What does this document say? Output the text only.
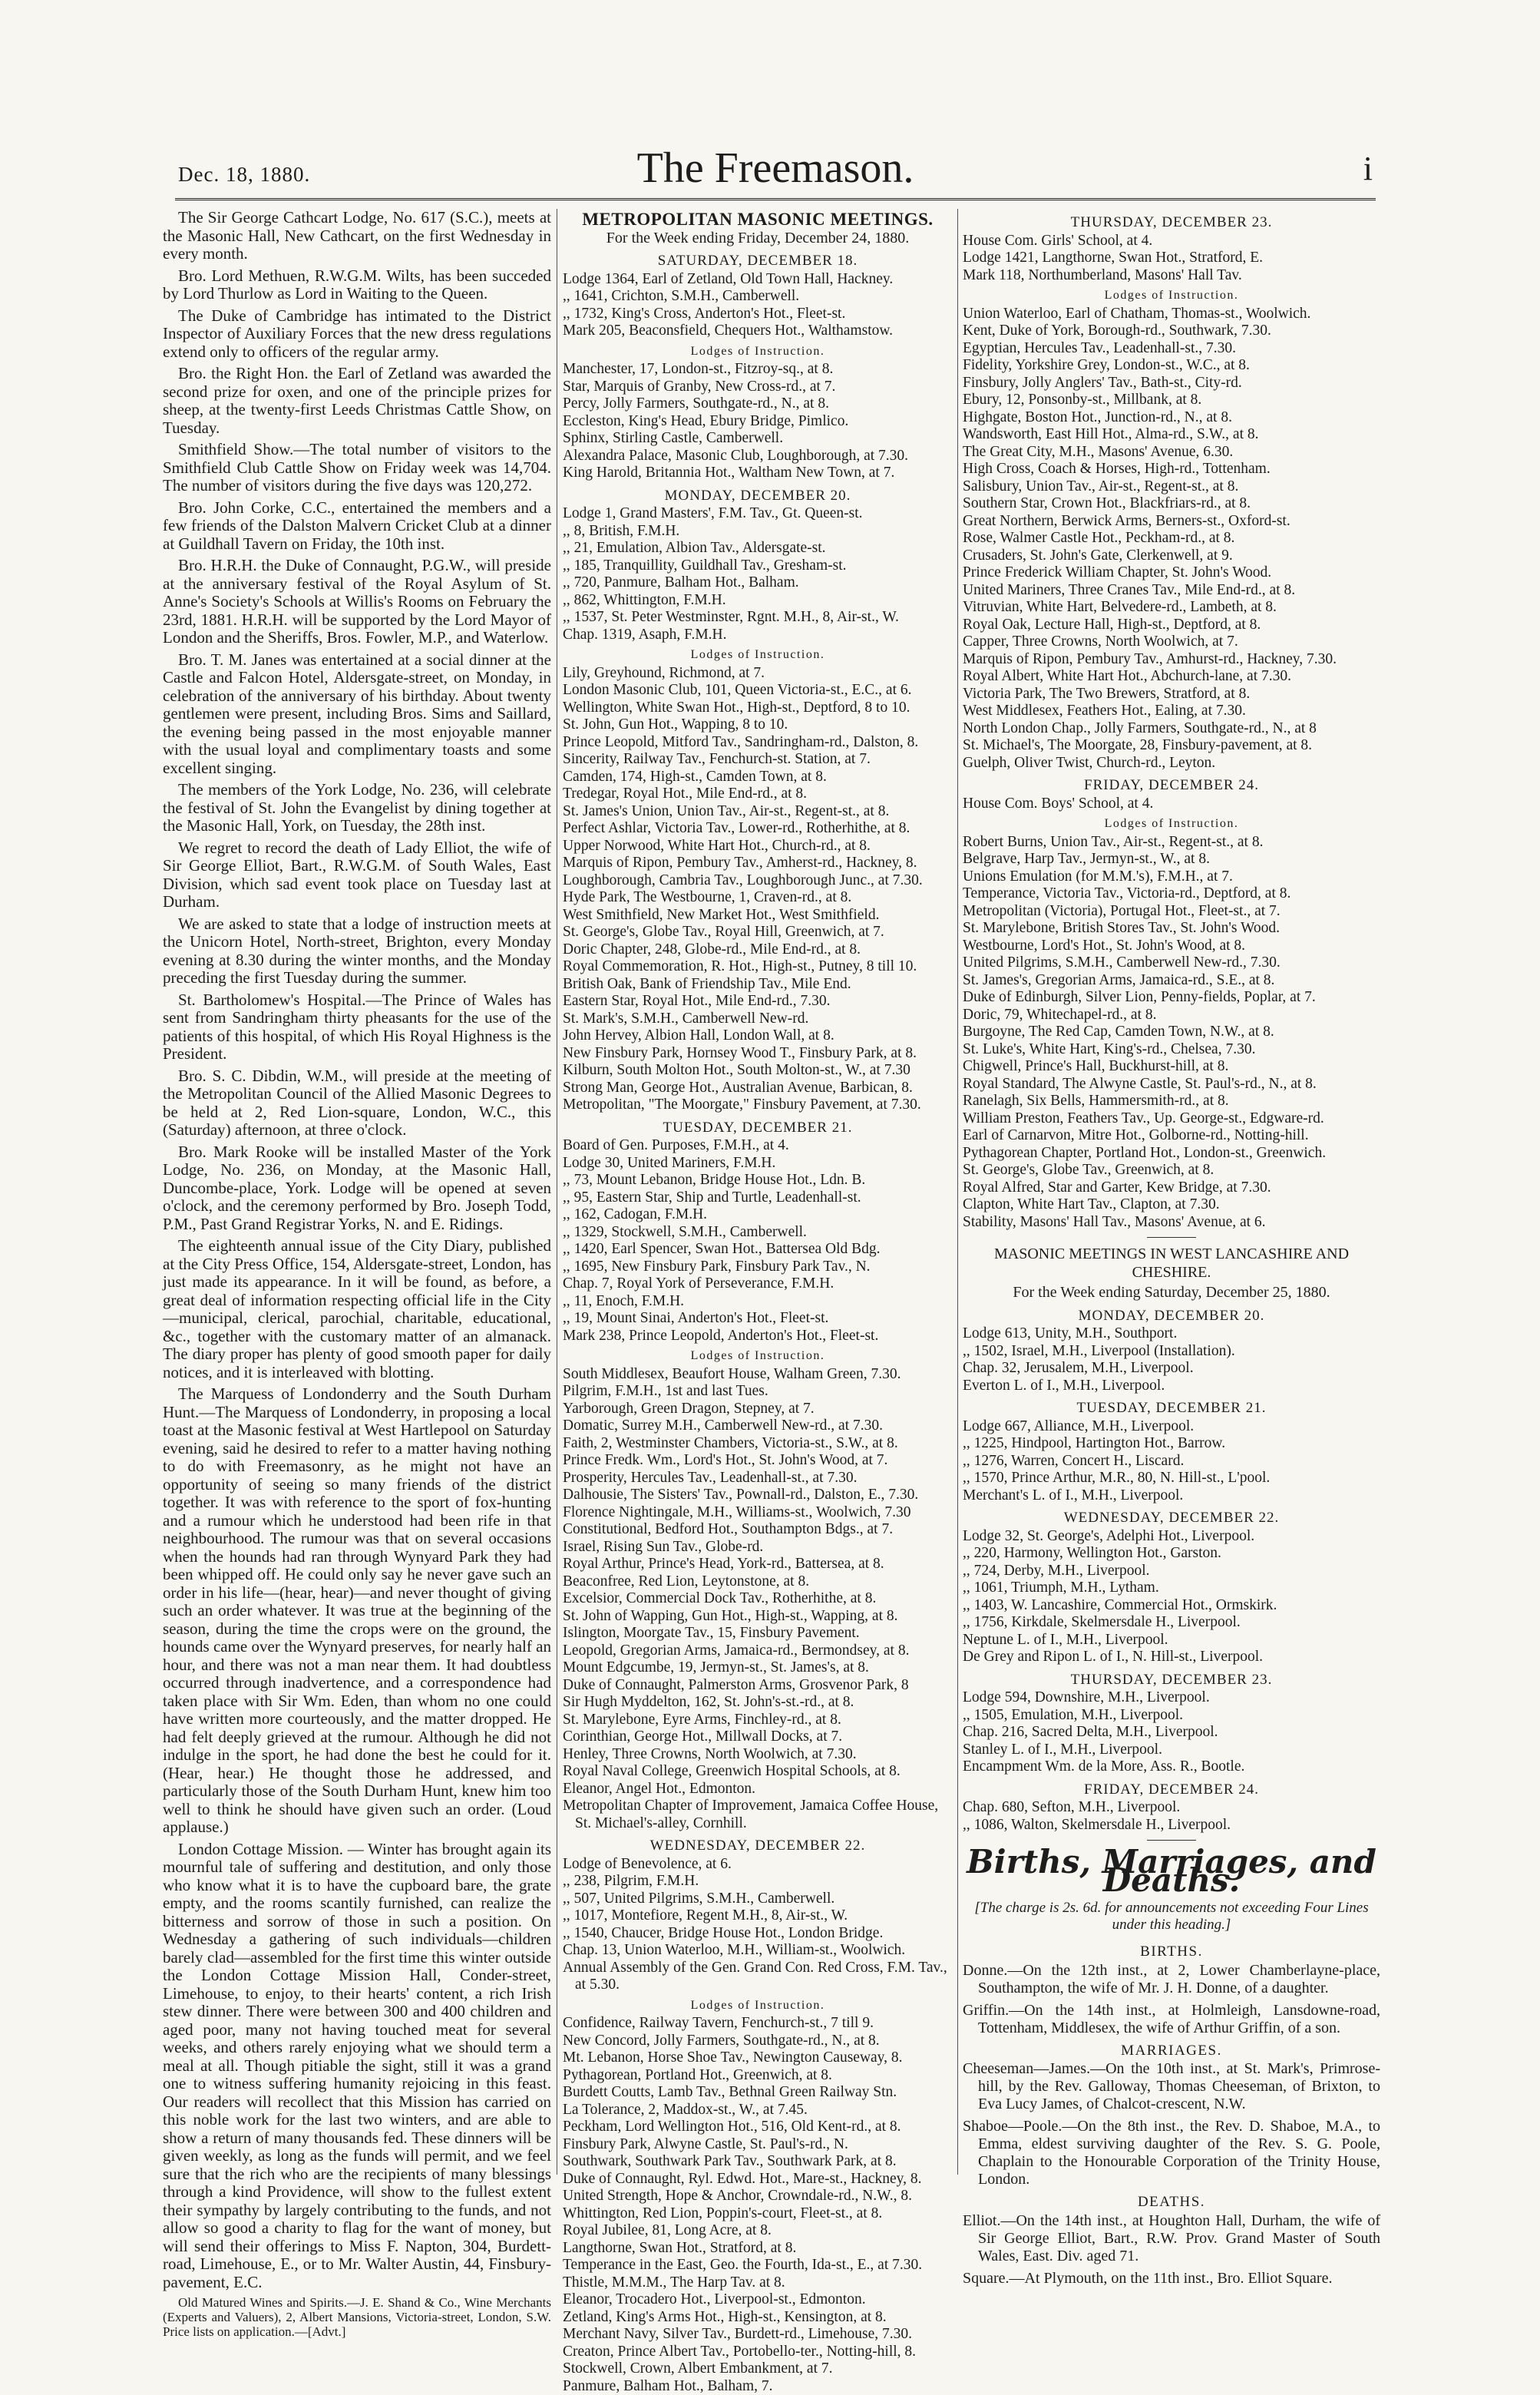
Dec. 18, 1880.	The Freemason.	i

The Sir George Cathcart Lodge, No. 617 (S.C.), meets at the Masonic Hall, New Cathcart, on the first Wednesday in every month.

Bro. Lord Methuen, R.W.G.M. Wilts, has been succeded by Lord Thurlow as Lord in Waiting to the Queen.

The Duke of Cambridge has intimated to the District Inspector of Auxiliary Forces that the new dress regulations extend only to officers of the regular army.

Bro. the Right Hon. the Earl of Zetland was awarded the second prize for oxen, and one of the principle prizes for sheep, at the twenty-first Leeds Christmas Cattle Show, on Tuesday.

Smithfield Show.—The total number of visitors to the Smithfield Club Cattle Show on Friday week was 14,704. The number of visitors during the five days was 120,272.

Bro. John Corke, C.C., entertained the members and a few friends of the Dalston Malvern Cricket Club at a dinner at Guildhall Tavern on Friday, the 10th inst.

Bro. H.R.H. the Duke of Connaught, P.G.W., will preside at the anniversary festival of the Royal Asylum of St. Anne's Society's Schools at Willis's Rooms on February the 23rd, 1881. H.R.H. will be supported by the Lord Mayor of London and the Sheriffs, Bros. Fowler, M.P., and Waterlow.

Bro. T. M. Janes was entertained at a social dinner at the Castle and Falcon Hotel, Aldersgate-street, on Monday, in celebration of the anniversary of his birthday. About twenty gentlemen were present, including Bros. Sims and Saillard, the evening being passed in the most enjoyable manner with the usual loyal and complimentary toasts and some excellent singing.

The members of the York Lodge, No. 236, will celebrate the festival of St. John the Evangelist by dining together at the Masonic Hall, York, on Tuesday, the 28th inst.

We regret to record the death of Lady Elliot, the wife of Sir George Elliot, Bart., R.W.G.M. of South Wales, East Division, which sad event took place on Tuesday last at Durham.

We are asked to state that a lodge of instruction meets at the Unicorn Hotel, North-street, Brighton, every Monday evening at 8.30 during the winter months, and the Monday preceding the first Tuesday during the summer.

St. Bartholomew's Hospital.—The Prince of Wales has sent from Sandringham thirty pheasants for the use of the patients of this hospital, of which His Royal Highness is the President.

Bro. S. C. Dibdin, W.M., will preside at the meeting of the Metropolitan Council of the Allied Masonic Degrees to be held at 2, Red Lion-square, London, W.C., this (Saturday) afternoon, at three o'clock.

Bro. Mark Rooke will be installed Master of the York Lodge, No. 236, on Monday, at the Masonic Hall, Duncombe-place, York. Lodge will be opened at seven o'clock, and the ceremony performed by Bro. Joseph Todd, P.M., Past Grand Registrar Yorks, N. and E. Ridings.

The eighteenth annual issue of the City Diary, published at the City Press Office, 154, Aldersgate-street, London, has just made its appearance. In it will be found, as before, a great deal of information respecting official life in the City—municipal, clerical, parochial, charitable, educational, &c., together with the customary matter of an almanack. The diary proper has plenty of good smooth paper for daily notices, and it is interleaved with blotting.

The Marquess of Londonderry and the South Durham Hunt.—The Marquess of Londonderry, in proposing a local toast at the Masonic festival at West Hartlepool on Saturday evening, said he desired to refer to a matter having nothing to do with Freemasonry, as he might not have an opportunity of seeing so many friends of the district together. It was with reference to the sport of fox-hunting and a rumour which he understood had been rife in that neighbourhood. The rumour was that on several occasions when the hounds had ran through Wynyard Park they had been whipped off. He could only say he never gave such an order in his life—(hear, hear)—and never thought of giving such an order whatever. It was true at the beginning of the season, during the time the crops were on the ground, the hounds came over the Wynyard preserves, for nearly half an hour, and there was not a man near them. It had doubtless occurred through inadvertence, and a correspondence had taken place with Sir Wm. Eden, than whom no one could have written more courteously, and the matter dropped. He had felt deeply grieved at the rumour. Although he did not indulge in the sport, he had done the best he could for it. (Hear, hear.) He thought those he addressed, and particularly those of the South Durham Hunt, knew him too well to think he should have given such an order. (Loud applause.)

London Cottage Mission. — Winter has brought again its mournful tale of suffering and destitution, and only those who know what it is to have the cupboard bare, the grate empty, and the rooms scantily furnished, can realize the bitterness and sorrow of those in such a position. On Wednesday a gathering of such individuals—children barely clad—assembled for the first time this winter outside the London Cottage Mission Hall, Conder-street, Limehouse, to enjoy, to their hearts' content, a rich Irish stew dinner. There were between 300 and 400 children and aged poor, many not having touched meat for several weeks, and others rarely enjoying what we should term a meal at all. Though pitiable the sight, still it was a grand one to witness suffering humanity rejoicing in this feast. Our readers will recollect that this Mission has carried on this noble work for the last two winters, and are able to show a return of many thousands fed. These dinners will be given weekly, as long as the funds will permit, and we feel sure that the rich who are the recipients of many blessings through a kind Providence, will show to the fullest extent their sympathy by largely contributing to the funds, and not allow so good a charity to flag for the want of money, but will send their offerings to Miss F. Napton, 304, Burdett-road, Limehouse, E., or to Mr. Walter Austin, 44, Finsbury-pavement, E.C.

Old Matured Wines and Spirits.—J. E. Shand & Co., Wine Merchants (Experts and Valuers), 2, Albert Mansions, Victoria-street, London, S.W. Price lists on application.—[Advt.]

METROPOLITAN MASONIC MEETINGS.
For the Week ending Friday, December 24, 1880.
SATURDAY, DECEMBER 18.
Lodge 1364, Earl of Zetland, Old Town Hall, Hackney.
,, 1641, Crichton, S.M.H., Camberwell.
,, 1732, King's Cross, Anderton's Hot., Fleet-st.
Mark 205, Beaconsfield, Chequers Hot., Walthamstow.
Lodges of Instruction.
Manchester, 17, London-st., Fitzroy-sq., at 8.
Star, Marquis of Granby, New Cross-rd., at 7.
Percy, Jolly Farmers, Southgate-rd., N., at 8.
Eccleston, King's Head, Ebury Bridge, Pimlico.
Sphinx, Stirling Castle, Camberwell.
Alexandra Palace, Masonic Club, Loughborough, at 7.30.
King Harold, Britannia Hot., Waltham New Town, at 7.
MONDAY, DECEMBER 20.
Lodge 1, Grand Masters', F.M. Tav., Gt. Queen-st.
,, 8, British, F.M.H.
,, 21, Emulation, Albion Tav., Aldersgate-st.
,, 185, Tranquillity, Guildhall Tav., Gresham-st.
,, 720, Panmure, Balham Hot., Balham.
,, 862, Whittington, F.M.H.
,, 1537, St. Peter Westminster, Rgnt. M.H., 8, Air-st., W.
Chap. 1319, Asaph, F.M.H.
Lodges of Instruction.
Lily, Greyhound, Richmond, at 7.
London Masonic Club, 101, Queen Victoria-st., E.C., at 6.
Wellington, White Swan Hot., High-st., Deptford, 8 to 10.
St. John, Gun Hot., Wapping, 8 to 10.
Prince Leopold, Mitford Tav., Sandringham-rd., Dalston, 8.
Sincerity, Railway Tav., Fenchurch-st. Station, at 7.
Camden, 174, High-st., Camden Town, at 8.
Tredegar, Royal Hot., Mile End-rd., at 8.
St. James's Union, Union Tav., Air-st., Regent-st., at 8.
Perfect Ashlar, Victoria Tav., Lower-rd., Rotherhithe, at 8.
Upper Norwood, White Hart Hot., Church-rd., at 8.
Marquis of Ripon, Pembury Tav., Amherst-rd., Hackney, 8.
Loughborough, Cambria Tav., Loughborough Junc., at 7.30.
Hyde Park, The Westbourne, 1, Craven-rd., at 8.
West Smithfield, New Market Hot., West Smithfield.
St. George's, Globe Tav., Royal Hill, Greenwich, at 7.
Doric Chapter, 248, Globe-rd., Mile End-rd., at 8.
Royal Commemoration, R. Hot., High-st., Putney, 8 till 10.
British Oak, Bank of Friendship Tav., Mile End.
Eastern Star, Royal Hot., Mile End-rd., 7.30.
St. Mark's, S.M.H., Camberwell New-rd.
John Hervey, Albion Hall, London Wall, at 8.
New Finsbury Park, Hornsey Wood T., Finsbury Park, at 8.
Kilburn, South Molton Hot., South Molton-st., W., at 7.30
Strong Man, George Hot., Australian Avenue, Barbican, 8.
Metropolitan, "The Moorgate," Finsbury Pavement, at 7.30.
TUESDAY, DECEMBER 21.
Board of Gen. Purposes, F.M.H., at 4.
Lodge 30, United Mariners, F.M.H.
,, 73, Mount Lebanon, Bridge House Hot., Ldn. B.
,, 95, Eastern Star, Ship and Turtle, Leadenhall-st.
,, 162, Cadogan, F.M.H.
,, 1329, Stockwell, S.M.H., Camberwell.
,, 1420, Earl Spencer, Swan Hot., Battersea Old Bdg.
,, 1695, New Finsbury Park, Finsbury Park Tav., N.
Chap. 7, Royal York of Perseverance, F.M.H.
,, 11, Enoch, F.M.H.
,, 19, Mount Sinai, Anderton's Hot., Fleet-st.
Mark 238, Prince Leopold, Anderton's Hot., Fleet-st.
Lodges of Instruction.
South Middlesex, Beaufort House, Walham Green, 7.30.
Pilgrim, F.M.H., 1st and last Tues.
Yarborough, Green Dragon, Stepney, at 7.
Domatic, Surrey M.H., Camberwell New-rd., at 7.30.
Faith, 2, Westminster Chambers, Victoria-st., S.W., at 8.
Prince Fredk. Wm., Lord's Hot., St. John's Wood, at 7.
Prosperity, Hercules Tav., Leadenhall-st., at 7.30.
Dalhousie, The Sisters' Tav., Pownall-rd., Dalston, E., 7.30.
Florence Nightingale, M.H., Williams-st., Woolwich, 7.30
Constitutional, Bedford Hot., Southampton Bdgs., at 7.
Israel, Rising Sun Tav., Globe-rd.
Royal Arthur, Prince's Head, York-rd., Battersea, at 8.
Beaconfree, Red Lion, Leytonstone, at 8.
Excelsior, Commercial Dock Tav., Rotherhithe, at 8.
St. John of Wapping, Gun Hot., High-st., Wapping, at 8.
Islington, Moorgate Tav., 15, Finsbury Pavement.
Leopold, Gregorian Arms, Jamaica-rd., Bermondsey, at 8.
Mount Edgcumbe, 19, Jermyn-st., St. James's, at 8.
Duke of Connaught, Palmerston Arms, Grosvenor Park, 8
Sir Hugh Myddelton, 162, St. John's-st.-rd., at 8.
St. Marylebone, Eyre Arms, Finchley-rd., at 8.
Corinthian, George Hot., Millwall Docks, at 7.
Henley, Three Crowns, North Woolwich, at 7.30.
Royal Naval College, Greenwich Hospital Schools, at 8.
Eleanor, Angel Hot., Edmonton.
Metropolitan Chapter of Improvement, Jamaica Coffee House, St. Michael's-alley, Cornhill.
WEDNESDAY, DECEMBER 22.
Lodge of Benevolence, at 6.
,, 238, Pilgrim, F.M.H.
,, 507, United Pilgrims, S.M.H., Camberwell.
,, 1017, Montefiore, Regent M.H., 8, Air-st., W.
,, 1540, Chaucer, Bridge House Hot., London Bridge.
Chap. 13, Union Waterloo, M.H., William-st., Woolwich.
Annual Assembly of the Gen. Grand Con. Red Cross, F.M. Tav., at 5.30.
Lodges of Instruction.
Confidence, Railway Tavern, Fenchurch-st., 7 till 9.
New Concord, Jolly Farmers, Southgate-rd., N., at 8.
Mt. Lebanon, Horse Shoe Tav., Newington Causeway, 8.
Pythagorean, Portland Hot., Greenwich, at 8.
Burdett Coutts, Lamb Tav., Bethnal Green Railway Stn.
La Tolerance, 2, Maddox-st., W., at 7.45.
Peckham, Lord Wellington Hot., 516, Old Kent-rd., at 8.
Finsbury Park, Alwyne Castle, St. Paul's-rd., N.
Southwark, Southwark Park Tav., Southwark Park, at 8.
Duke of Connaught, Ryl. Edwd. Hot., Mare-st., Hackney, 8.
United Strength, Hope & Anchor, Crowndale-rd., N.W., 8.
Whittington, Red Lion, Poppin's-court, Fleet-st., at 8.
Royal Jubilee, 81, Long Acre, at 8.
Langthorne, Swan Hot., Stratford, at 8.
Temperance in the East, Geo. the Fourth, Ida-st., E., at 7.30.
Thistle, M.M.M., The Harp Tav. at 8.
Eleanor, Trocadero Hot., Liverpool-st., Edmonton.
Zetland, King's Arms Hot., High-st., Kensington, at 8.
Merchant Navy, Silver Tav., Burdett-rd., Limehouse, 7.30.
Creaton, Prince Albert Tav., Portobello-ter., Notting-hill, 8.
Stockwell, Crown, Albert Embankment, at 7.
Panmure, Balham Hot., Balham, 7.
THURSDAY, DECEMBER 23.
House Com. Girls' School, at 4.
Lodge 1421, Langthorne, Swan Hot., Stratford, E.
Mark 118, Northumberland, Masons' Hall Tav.
Lodges of Instruction.
Union Waterloo, Earl of Chatham, Thomas-st., Woolwich.
Kent, Duke of York, Borough-rd., Southwark, 7.30.
Egyptian, Hercules Tav., Leadenhall-st., 7.30.
Fidelity, Yorkshire Grey, London-st., W.C., at 8.
Finsbury, Jolly Anglers' Tav., Bath-st., City-rd.
Ebury, 12, Ponsonby-st., Millbank, at 8.
Highgate, Boston Hot., Junction-rd., N., at 8.
Wandsworth, East Hill Hot., Alma-rd., S.W., at 8.
The Great City, M.H., Masons' Avenue, 6.30.
High Cross, Coach & Horses, High-rd., Tottenham.
Salisbury, Union Tav., Air-st., Regent-st., at 8.
Southern Star, Crown Hot., Blackfriars-rd., at 8.
Great Northern, Berwick Arms, Berners-st., Oxford-st.
Rose, Walmer Castle Hot., Peckham-rd., at 8.
Crusaders, St. John's Gate, Clerkenwell, at 9.
Prince Frederick William Chapter, St. John's Wood.
United Mariners, Three Cranes Tav., Mile End-rd., at 8.
Vitruvian, White Hart, Belvedere-rd., Lambeth, at 8.
Royal Oak, Lecture Hall, High-st., Deptford, at 8.
Capper, Three Crowns, North Woolwich, at 7.
Marquis of Ripon, Pembury Tav., Amhurst-rd., Hackney, 7.30.
Royal Albert, White Hart Hot., Abchurch-lane, at 7.30.
Victoria Park, The Two Brewers, Stratford, at 8.
West Middlesex, Feathers Hot., Ealing, at 7.30.
North London Chap., Jolly Farmers, Southgate-rd., N., at 8
St. Michael's, The Moorgate, 28, Finsbury-pavement, at 8.
Guelph, Oliver Twist, Church-rd., Leyton.
FRIDAY, DECEMBER 24.
House Com. Boys' School, at 4.
Lodges of Instruction.
Robert Burns, Union Tav., Air-st., Regent-st., at 8.
Belgrave, Harp Tav., Jermyn-st., W., at 8.
Unions Emulation (for M.M.'s), F.M.H., at 7.
Temperance, Victoria Tav., Victoria-rd., Deptford, at 8.
Metropolitan (Victoria), Portugal Hot., Fleet-st., at 7.
St. Marylebone, British Stores Tav., St. John's Wood.
Westbourne, Lord's Hot., St. John's Wood, at 8.
United Pilgrims, S.M.H., Camberwell New-rd., 7.30.
St. James's, Gregorian Arms, Jamaica-rd., S.E., at 8.
Duke of Edinburgh, Silver Lion, Penny-fields, Poplar, at 7.
Doric, 79, Whitechapel-rd., at 8.
Burgoyne, The Red Cap, Camden Town, N.W., at 8.
St. Luke's, White Hart, King's-rd., Chelsea, 7.30.
Chigwell, Prince's Hall, Buckhurst-hill, at 8.
Royal Standard, The Alwyne Castle, St. Paul's-rd., N., at 8.
Ranelagh, Six Bells, Hammersmith-rd., at 8.
William Preston, Feathers Tav., Up. George-st., Edgware-rd.
Earl of Carnarvon, Mitre Hot., Golborne-rd., Notting-hill.
Pythagorean Chapter, Portland Hot., London-st., Greenwich.
St. George's, Globe Tav., Greenwich, at 8.
Royal Alfred, Star and Garter, Kew Bridge, at 7.30.
Clapton, White Hart Tav., Clapton, at 7.30.
Stability, Masons' Hall Tav., Masons' Avenue, at 6.
MASONIC MEETINGS IN WEST LANCASHIRE AND CHESHIRE.
For the Week ending Saturday, December 25, 1880.
MONDAY, DECEMBER 20.
Lodge 613, Unity, M.H., Southport.
,, 1502, Israel, M.H., Liverpool (Installation).
Chap. 32, Jerusalem, M.H., Liverpool.
Everton L. of I., M.H., Liverpool.
TUESDAY, DECEMBER 21.
Lodge 667, Alliance, M.H., Liverpool.
,, 1225, Hindpool, Hartington Hot., Barrow.
,, 1276, Warren, Concert H., Liscard.
,, 1570, Prince Arthur, M.R., 80, N. Hill-st., L'pool.
Merchant's L. of I., M.H., Liverpool.
WEDNESDAY, DECEMBER 22.
Lodge 32, St. George's, Adelphi Hot., Liverpool.
,, 220, Harmony, Wellington Hot., Garston.
,, 724, Derby, M.H., Liverpool.
,, 1061, Triumph, M.H., Lytham.
,, 1403, W. Lancashire, Commercial Hot., Ormskirk.
,, 1756, Kirkdale, Skelmersdale H., Liverpool.
Neptune L. of I., M.H., Liverpool.
De Grey and Ripon L. of I., N. Hill-st., Liverpool.
THURSDAY, DECEMBER 23.
Lodge 594, Downshire, M.H., Liverpool.
,, 1505, Emulation, M.H., Liverpool.
Chap. 216, Sacred Delta, M.H., Liverpool.
Stanley L. of I., M.H., Liverpool.
Encampment Wm. de la More, Ass. R., Bootle.
FRIDAY, DECEMBER 24.
Chap. 680, Sefton, M.H., Liverpool.
,, 1086, Walton, Skelmersdale H., Liverpool.
Births, Marriages, and Deaths.
[The charge is 2s. 6d. for announcements not exceeding Four Lines under this heading.]
BIRTHS.
Donne.—On the 12th inst., at 2, Lower Chamberlayne-place, Southampton, the wife of Mr. J. H. Donne, of a daughter.
Griffin.—On the 14th inst., at Holmleigh, Lansdowne-road, Tottenham, Middlesex, the wife of Arthur Griffin, of a son.
MARRIAGES.
Cheeseman—James.—On the 10th inst., at St. Mark's, Primrose-hill, by the Rev. Galloway, Thomas Cheeseman, of Brixton, to Eva Lucy James, of Chalcot-crescent, N.W.
Shaboe—Poole.—On the 8th inst., the Rev. D. Shaboe, M.A., to Emma, eldest surviving daughter of the Rev. S. G. Poole, Chaplain to the Honourable Corporation of the Trinity House, London.
DEATHS.
Elliot.—On the 14th inst., at Houghton Hall, Durham, the wife of Sir George Elliot, Bart., R.W. Prov. Grand Master of South Wales, East. Div. aged 71.
Square.—At Plymouth, on the 11th inst., Bro. Elliot Square.
